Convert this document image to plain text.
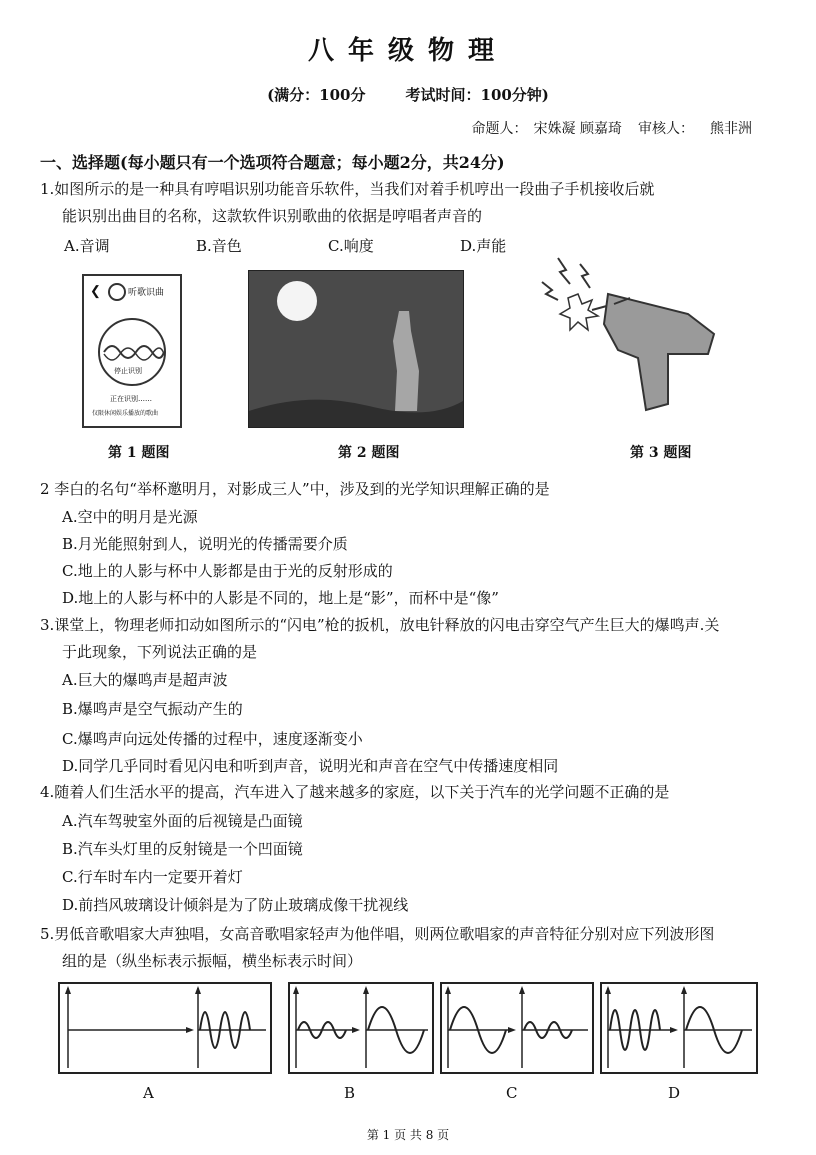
八年级物理
(满分：100分	考试时间：100分钟)
命题人： 宋姝凝 顾嘉琦 审核人： 熊非洲
一、选择题(每小题只有一个选项符合题意；每小题2分，共24分)
1.如图所示的是一种具有哼唱识别功能音乐软件，当我们对着手机哼出一段曲子手机接收后就
能识别出曲目的名称，这款软件识别歌曲的依据是哼唱者声音的
A.音调	B.音色	C.响度	D.声能
❮	听歌识曲
停止识别
正在识别……
仅限休闲娱乐播放的歌曲
第 1 题图	第 2 题图	第 3 题图
2 李白的名句“举杯邀明月，对影成三人”中，涉及到的光学知识理解正确的是
A.空中的明月是光源
B.月光能照射到人，说明光的传播需要介质
C.地上的人影与杯中人影都是由于光的反射形成的
D.地上的人影与杯中的人影是不同的，地上是“影”，而杯中是“像”
3.课堂上，物理老师扣动如图所示的“闪电”枪的扳机，放电针释放的闪电击穿空气产生巨大的爆鸣声.关
于此现象，下列说法正确的是
A.巨大的爆鸣声是超声波
B.爆鸣声是空气振动产生的
C.爆鸣声向远处传播的过程中，速度逐渐变小
D.同学几乎同时看见闪电和听到声音，说明光和声音在空气中传播速度相同
4.随着人们生活水平的提高，汽车进入了越来越多的家庭，以下关于汽车的光学问题不正确的是
A.汽车驾驶室外面的后视镜是凸面镜
B.汽车头灯里的反射镜是一个凹面镜
C.行车时车内一定要开着灯
D.前挡风玻璃设计倾斜是为了防止玻璃成像干扰视线
5.男低音歌唱家大声独唱，女高音歌唱家轻声为他伴唱，则两位歌唱家的声音特征分别对应下列波形图
组的是（纵坐标表示振幅，横坐标表示时间）
A	B	C	D
第 1 页 共 8 页
